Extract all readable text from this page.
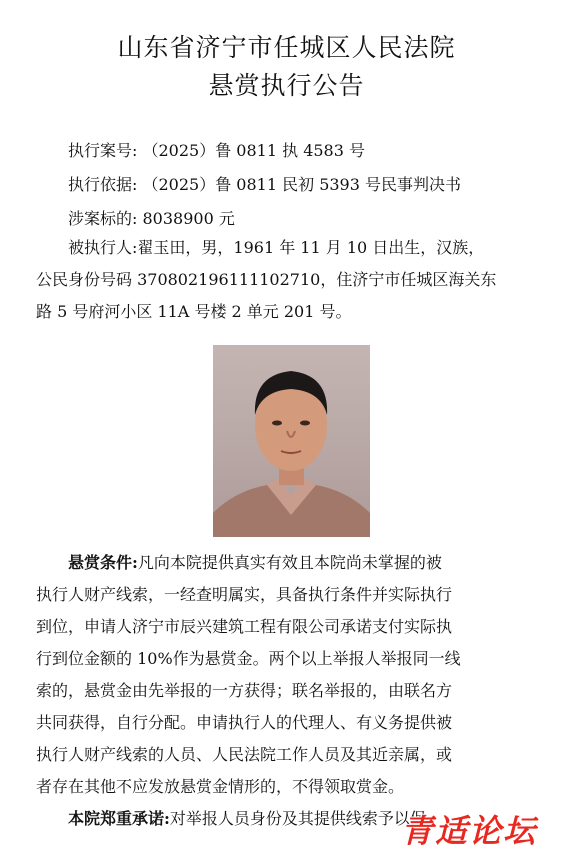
山东省济宁市任城区人民法院
悬赏执行公告
执行案号: （2025）鲁 0811 执 4583 号
执行依据: （2025）鲁 0811 民初 5393 号民事判决书
涉案标的: 8038900 元
被执行人:翟玉田，男，1961 年 11 月 10 日出生，汉族，
公民身份号码 370802196111102710，住济宁市任城区海关东
路 5 号府河小区 11A 号楼 2 单元 201 号。
悬赏条件:凡向本院提供真实有效且本院尚未掌握的被
执行人财产线索，一经查明属实，具备执行条件并实际执行
到位，申请人济宁市辰兴建筑工程有限公司承诺支付实际执
行到位金额的 10%作为悬赏金。两个以上举报人举报同一线
索的，悬赏金由先举报的一方获得；联名举报的，由联名方
共同获得，自行分配。申请执行人的代理人、有义务提供被
执行人财产线索的人员、人民法院工作人员及其近亲属，或
者存在其他不应发放悬赏金情形的，不得领取赏金。
本院郑重承诺:对举报人员身份及其提供线索予以保
青适论坛
